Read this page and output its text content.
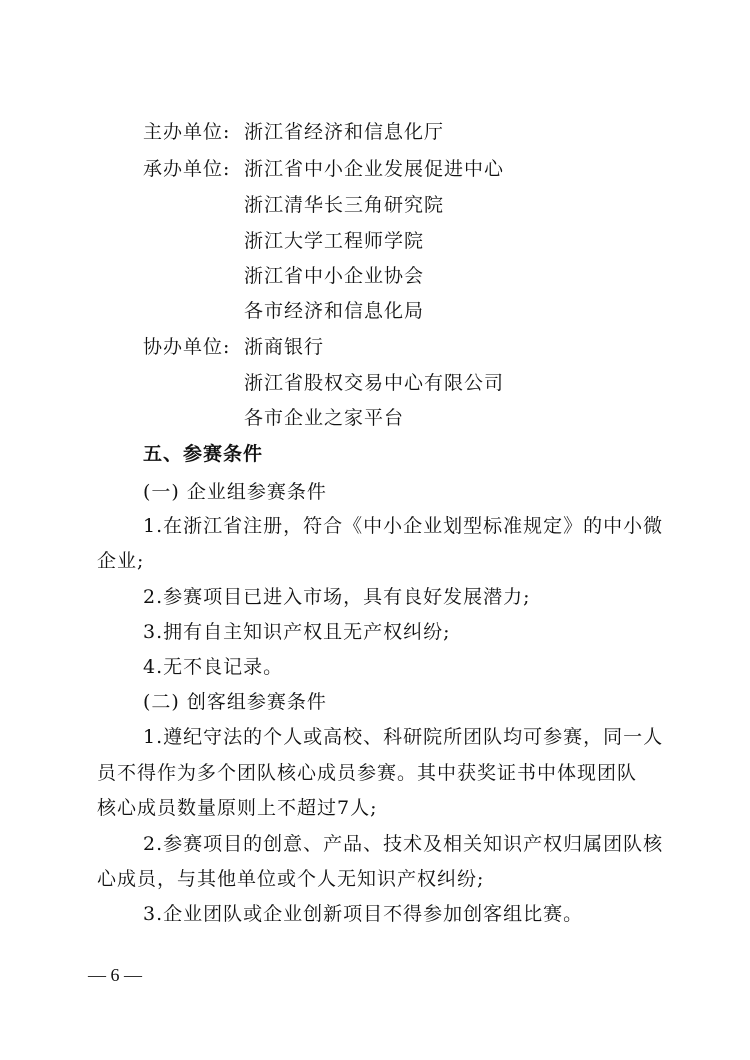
主办单位: 浙江省经济和信息化厅
承办单位: 浙江省中小企业发展促进中心
浙江清华长三角研究院
浙江大学工程师学院
浙江省中小企业协会
各市经济和信息化局
协办单位: 浙商银行
浙江省股权交易中心有限公司
各市企业之家平台
五、参赛条件
(一) 企业组参赛条件
1.在浙江省注册，符合《中小企业划型标准规定》的中小微
企业;
2.参赛项目已进入市场，具有良好发展潜力;
3.拥有自主知识产权且无产权纠纷;
4.无不良记录。
(二) 创客组参赛条件
1.遵纪守法的个人或高校、科研院所团队均可参赛，同一人
员不得作为多个团队核心成员参赛。其中获奖证书中体现团队
核心成员数量原则上不超过7人;
2.参赛项目的创意、产品、技术及相关知识产权归属团队核
心成员，与其他单位或个人无知识产权纠纷;
3.企业团队或企业创新项目不得参加创客组比赛。
— 6 —
